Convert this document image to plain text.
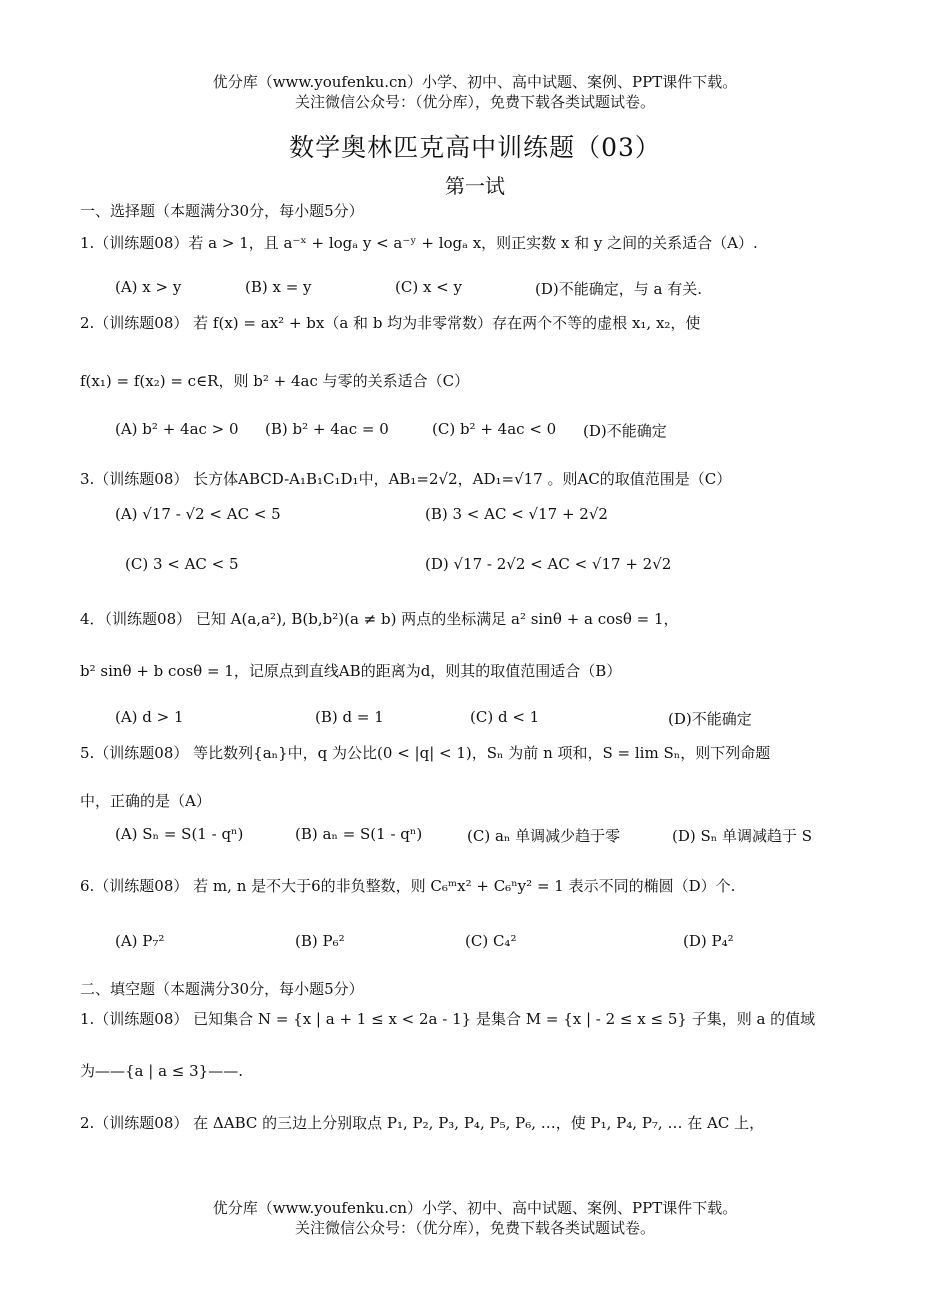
优分库（www.youfenku.cn）小学、初中、高中试题、案例、PPT课件下载。
关注微信公众号：（优分库），免费下载各类试题试卷。
数学奥林匹克高中训练题（03）
第一试
一、选择题（本题满分30分，每小题5分）
1.（训练题08）若 a > 1，且 a⁻ˣ + logₐ y < a⁻ʸ + logₐ x，则正实数 x 和 y 之间的关系适合（A）.
(A) x > y	(B) x = y	(C) x < y	(D)不能确定，与 a 有关.
2.（训练题08） 若 f(x) = ax² + bx（a 和 b 均为非零常数）存在两个不等的虚根 x₁, x₂，使
f(x₁) = f(x₂) = c∈R，则 b² + 4ac 与零的关系适合（C）
(A) b² + 4ac > 0 (B) b² + 4ac = 0	(C) b² + 4ac < 0 (D)不能确定
3.（训练题08） 长方体ABCD-A₁B₁C₁D₁中，AB₁=2√2，AD₁=√17 。则AC的取值范围是（C）
(A) √17 - √2 < AC < 5	(B) 3 < AC < √17 + 2√2
(C) 3 < AC < 5	(D) √17 - 2√2 < AC < √17 + 2√2
4．（训练题08） 已知 A(a,a²), B(b,b²)(a ≠ b) 两点的坐标满足 a² sinθ + a cosθ = 1，
b² sinθ + b cosθ = 1，记原点到直线AB的距离为d，则其的取值范围适合（B）
(A) d > 1	(B) d = 1	(C) d < 1	(D)不能确定
5.（训练题08） 等比数列{aₙ}中，q 为公比(0 < |q| < 1)，Sₙ 为前 n 项和，S = lim Sₙ，则下列命题
中，正确的是（A）
(A) Sₙ = S(1 - qⁿ)	(B) aₙ = S(1 - qⁿ)	(C) aₙ 单调减少趋于零	(D) Sₙ 单调减趋于 S
6.（训练题08） 若 m, n 是不大于6的非负整数，则 C₆ᵐx² + C₆ⁿy² = 1 表示不同的椭圆（D）个.
(A) P₇²	(B) P₆²	(C) C₄²	(D) P₄²
二、填空题（本题满分30分，每小题5分）
1.（训练题08） 已知集合 N = {x | a + 1 ≤ x < 2a - 1} 是集合 M = {x | - 2 ≤ x ≤ 5} 子集，则 a 的值域
为——{a | a ≤ 3}——.
2.（训练题08） 在 ΔABC 的三边上分别取点 P₁, P₂, P₃, P₄, P₅, P₆, …，使 P₁, P₄, P₇, … 在 AC 上，
优分库（www.youfenku.cn）小学、初中、高中试题、案例、PPT课件下载。
关注微信公众号：（优分库），免费下载各类试题试卷。
